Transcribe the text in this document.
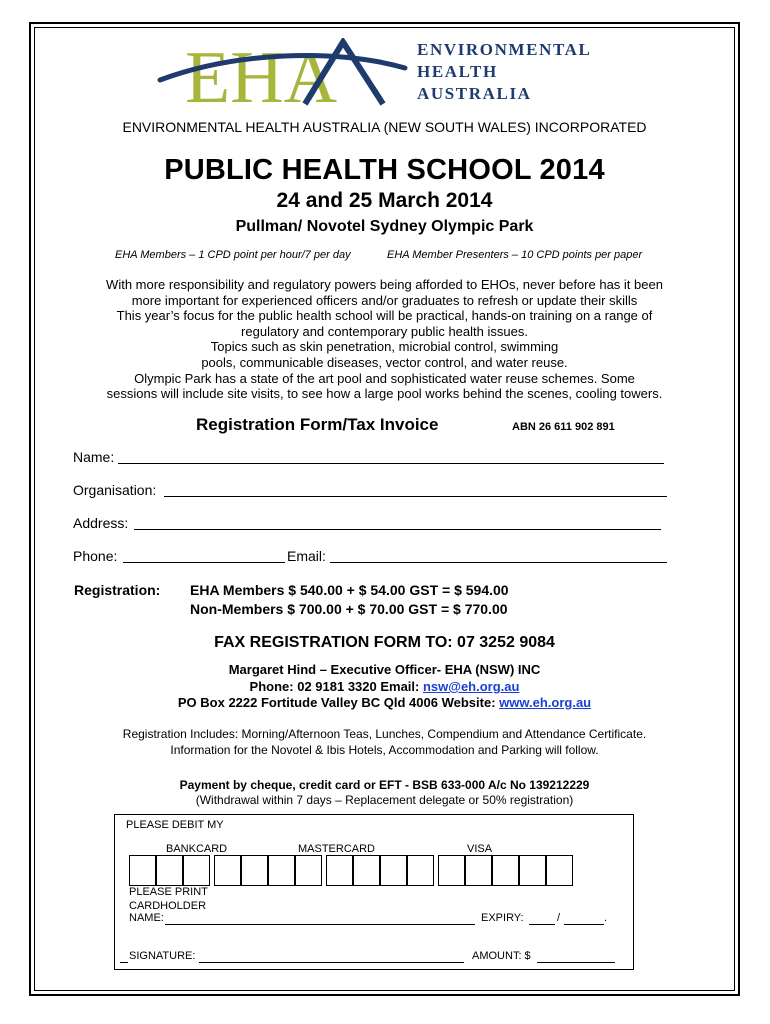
EHA	ENVIRONMENTAL
HEALTH
AUSTRALIA
ENVIRONMENTAL HEALTH AUSTRALIA (NEW SOUTH WALES) INCORPORATED
PUBLIC HEALTH SCHOOL 2014
24 and 25 March 2014
Pullman/ Novotel Sydney Olympic Park
EHA Members – 1 CPD point per hour/7 per day	EHA Member Presenters – 10 CPD points per paper
With more responsibility and regulatory powers being afforded to EHOs, never before has it been
more important for experienced officers and/or graduates to refresh or update their skills
This year’s focus for the public health school will be practical, hands-on training on a range of
regulatory and contemporary public health issues.
Topics such as skin penetration, microbial control, swimming
pools, communicable diseases, vector control, and water reuse.
Olympic Park has a state of the art pool and sophisticated water reuse schemes. Some
sessions will include site visits, to see how a large pool works behind the scenes, cooling towers.
Registration Form/Tax Invoice	ABN 26 611 902 891
Name:
Organisation:
Address:
Phone:	Email:
Registration: EHA Members $ 540.00 + $ 54.00 GST = $ 594.00
Non-Members $ 700.00 + $ 70.00 GST = $ 770.00
FAX REGISTRATION FORM TO: 07 3252 9084
Margaret Hind – Executive Officer- EHA (NSW) INC
Phone: 02 9181 3320 Email: nsw@eh.org.au
PO Box 2222 Fortitude Valley BC Qld 4006 Website: www.eh.org.au
Registration Includes: Morning/Afternoon Teas, Lunches, Compendium and Attendance Certificate.
Information for the Novotel & Ibis Hotels, Accommodation and Parking will follow.
Payment by cheque, credit card or EFT - BSB 633-000 A/c No 139212229
(Withdrawal within 7 days – Replacement delegate or 50% registration)
PLEASE DEBIT MY
BANKCARD	MASTERCARD	VISA
PLEASE PRINT
CARDHOLDER
NAME:	EXPIRY:	/	.
SIGNATURE:	AMOUNT: $
